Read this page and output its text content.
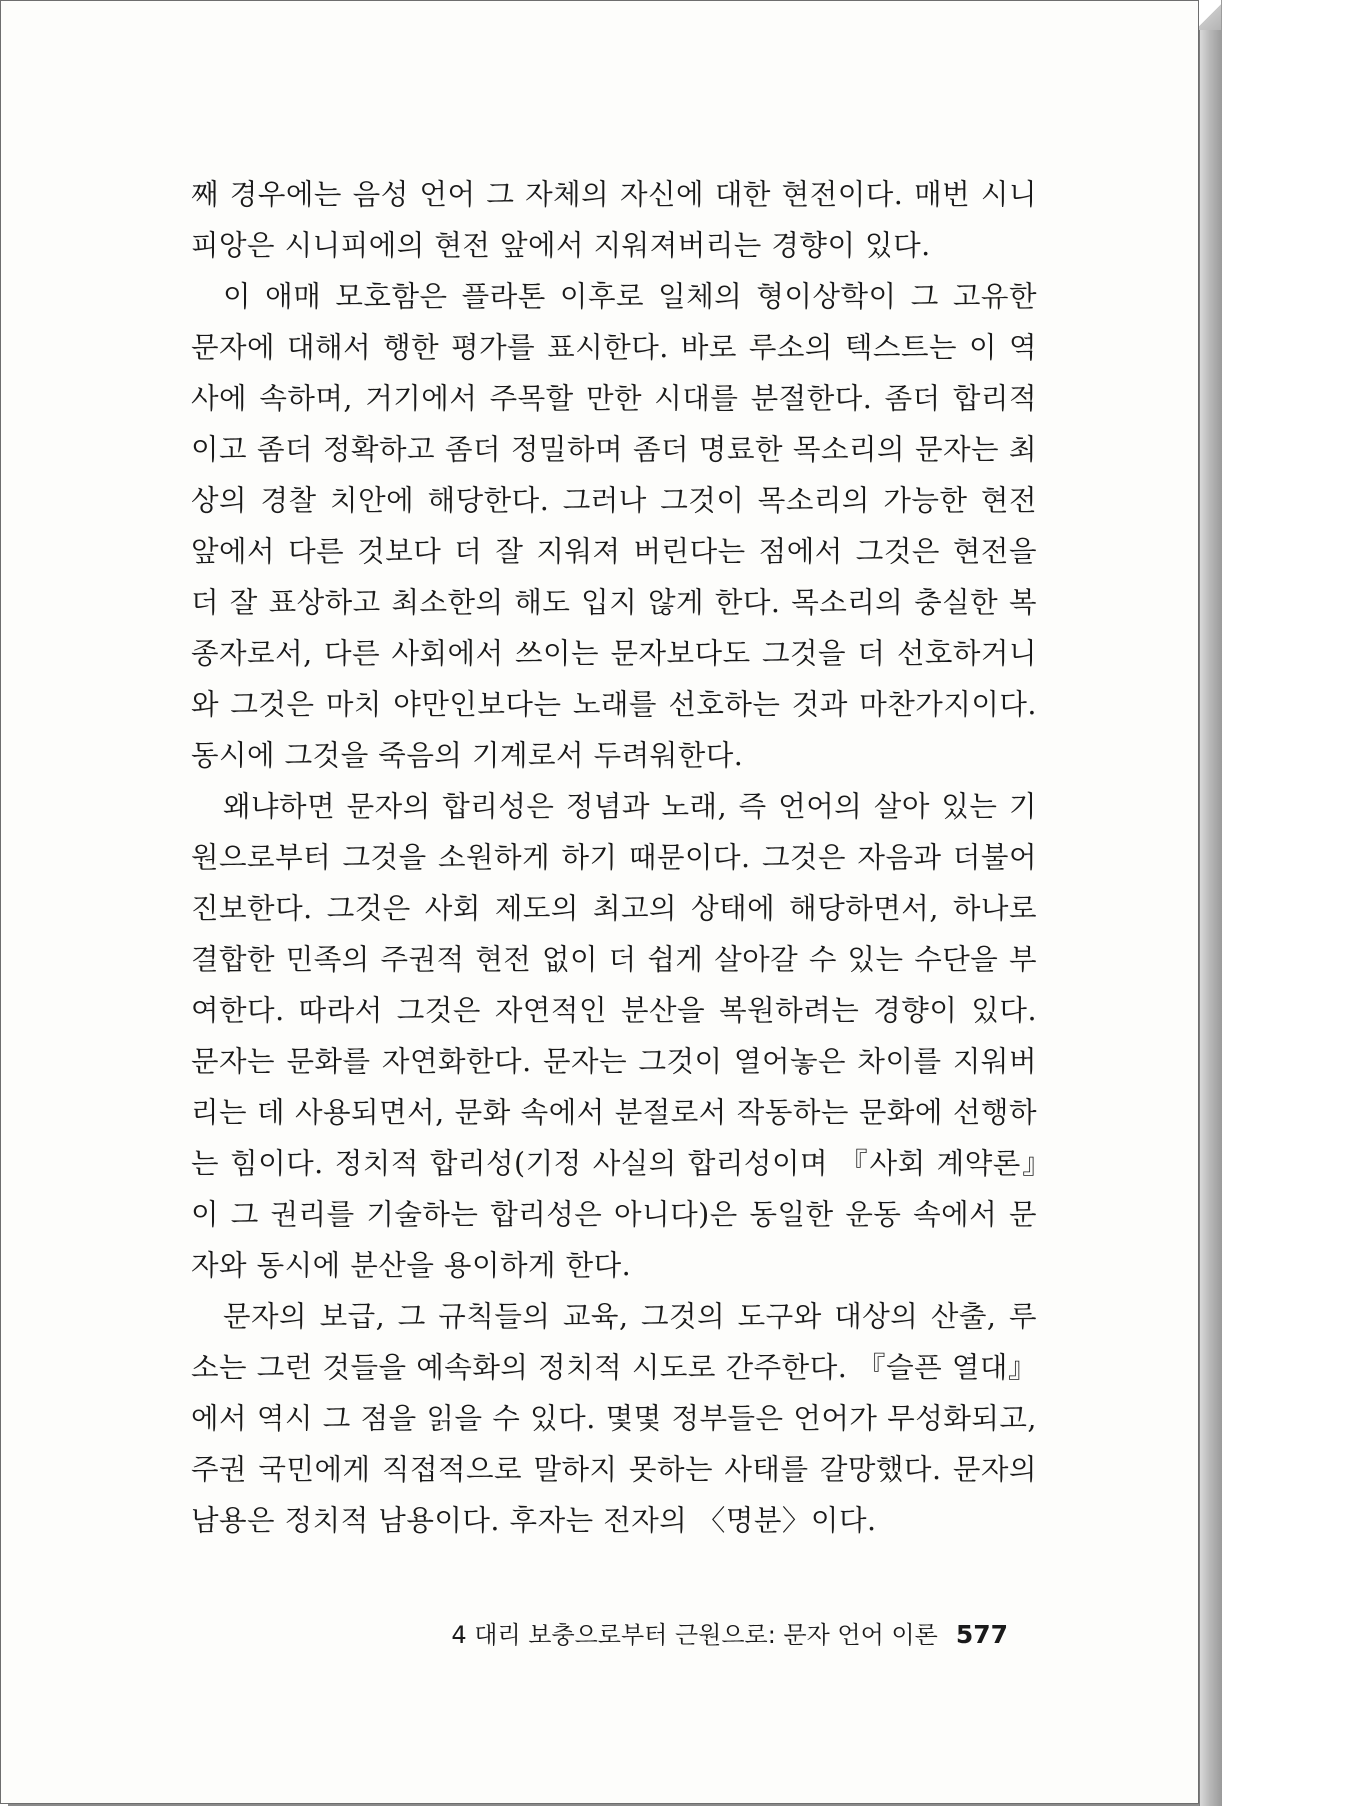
째 경우에는 음성 언어 그 자체의 자신에 대한 현전이다. 매번 시니피앙은 시니피에의 현전 앞에서 지워져버리는 경향이 있다.

이 애매 모호함은 플라톤 이후로 일체의 형이상학이 그 고유한 문자에 대해서 행한 평가를 표시한다. 바로 루소의 텍스트는 이 역사에 속하며, 거기에서 주목할 만한 시대를 분절한다. 좀더 합리적이고 좀더 정확하고 좀더 정밀하며 좀더 명료한 목소리의 문자는 최상의 경찰 치안에 해당한다. 그러나 그것이 목소리의 가능한 현전 앞에서 다른 것보다 더 잘 지워져 버린다는 점에서 그것은 현전을 더 잘 표상하고 최소한의 해도 입지 않게 한다. 목소리의 충실한 복종자로서, 다른 사회에서 쓰이는 문자보다도 그것을 더 선호하거니와 그것은 마치 야만인보다는 노래를 선호하는 것과 마찬가지이다. 동시에 그것을 죽음의 기계로서 두려워한다.

왜냐하면 문자의 합리성은 정념과 노래, 즉 언어의 살아 있는 기원으로부터 그것을 소원하게 하기 때문이다. 그것은 자음과 더불어 진보한다. 그것은 사회 제도의 최고의 상태에 해당하면서, 하나로 결합한 민족의 주권적 현전 없이 더 쉽게 살아갈 수 있는 수단을 부여한다. 따라서 그것은 자연적인 분산을 복원하려는 경향이 있다. 문자는 문화를 자연화한다. 문자는 그것이 열어놓은 차이를 지워버리는 데 사용되면서, 문화 속에서 분절로서 작동하는 문화에 선행하는 힘이다. 정치적 합리성(기정 사실의 합리성이며 『사회 계약론』이 그 권리를 기술하는 합리성은 아니다)은 동일한 운동 속에서 문자와 동시에 분산을 용이하게 한다.

문자의 보급, 그 규칙들의 교육, 그것의 도구와 대상의 산출, 루소는 그런 것들을 예속화의 정치적 시도로 간주한다. 『슬픈 열대』에서 역시 그 점을 읽을 수 있다. 몇몇 정부들은 언어가 무성화되고, 주권 국민에게 직접적으로 말하지 못하는 사태를 갈망했다. 문자의 남용은 정치적 남용이다. 후자는 전자의 〈명분〉이다.

4 대리 보충으로부터 근원으로: 문자 언어 이론 577
